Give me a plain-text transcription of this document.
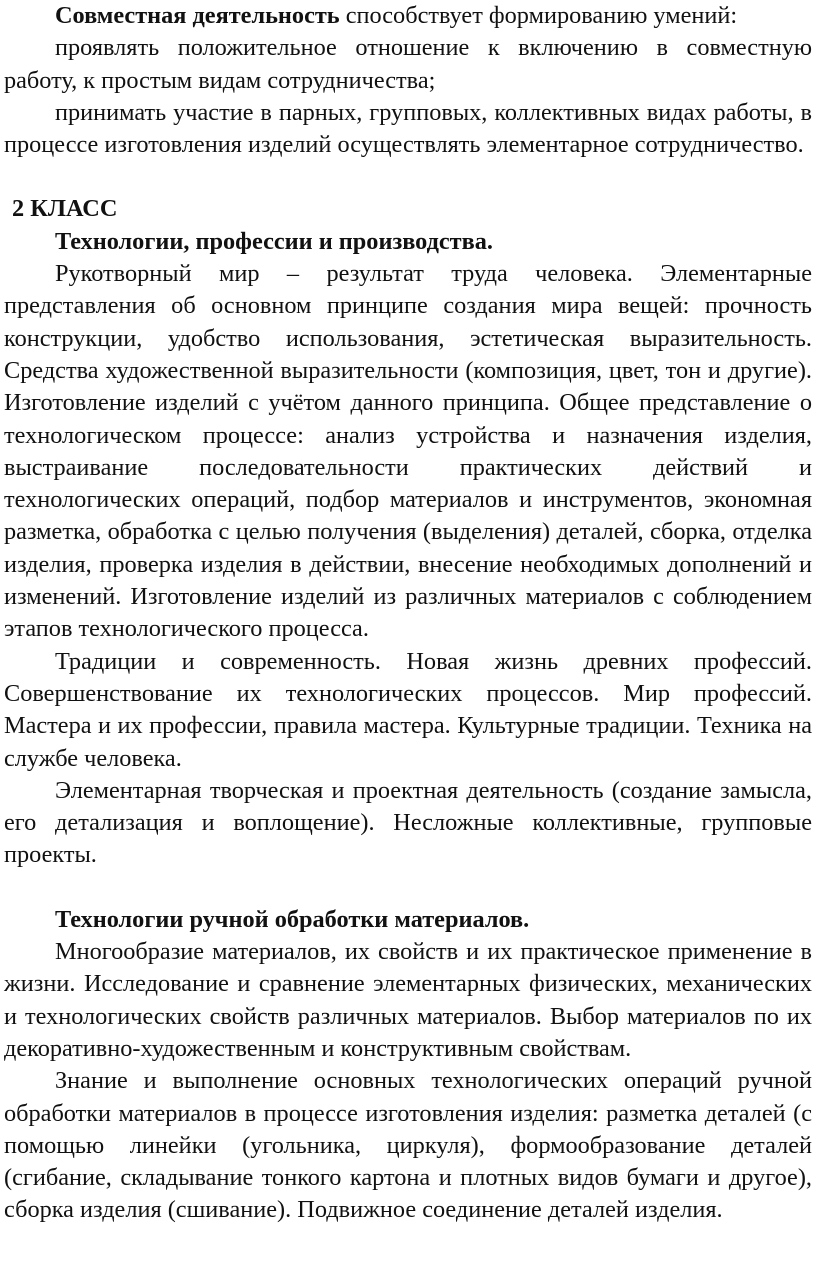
Совместная деятельность способствует формированию умений:

проявлять положительное отношение к включению в совместную работу, к простым видам сотрудничества;

принимать участие в парных, групповых, коллективных видах работы, в процессе изготовления изделий осуществлять элементарное сотрудничество.

2 КЛАСС

Технологии, профессии и производства.

Рукотворный мир – результат труда человека. Элементарные представления об основном принципе создания мира вещей: прочность конструкции, удобство использования, эстетическая выразительность. Средства художественной выразительности (композиция, цвет, тон и другие). Изготовление изделий с учётом данного принципа. Общее представление о технологическом процессе: анализ устройства и назначения изделия, выстраивание последовательности практических действий и технологических операций, подбор материалов и инструментов, экономная разметка, обработка с целью получения (выделения) деталей, сборка, отделка изделия, проверка изделия в действии, внесение необходимых дополнений и изменений. Изготовление изделий из различных материалов с соблюдением этапов технологического процесса.

Традиции и современность. Новая жизнь древних профессий. Совершенствование их технологических процессов. Мир профессий. Мастера и их профессии, правила мастера. Культурные традиции. Техника на службе человека.

Элементарная творческая и проектная деятельность (создание замысла, его детализация и воплощение). Несложные коллективные, групповые проекты.

Технологии ручной обработки материалов.

Многообразие материалов, их свойств и их практическое применение в жизни. Исследование и сравнение элементарных физических, механических и технологических свойств различных материалов. Выбор материалов по их декоративно-художественным и конструктивным свойствам.

Знание и выполнение основных технологических операций ручной обработки материалов в процессе изготовления изделия: разметка деталей (с помощью линейки (угольника, циркуля), формообразование деталей (сгибание, складывание тонкого картона и плотных видов бумаги и другое), сборка изделия (сшивание). Подвижное соединение деталей изделия.
